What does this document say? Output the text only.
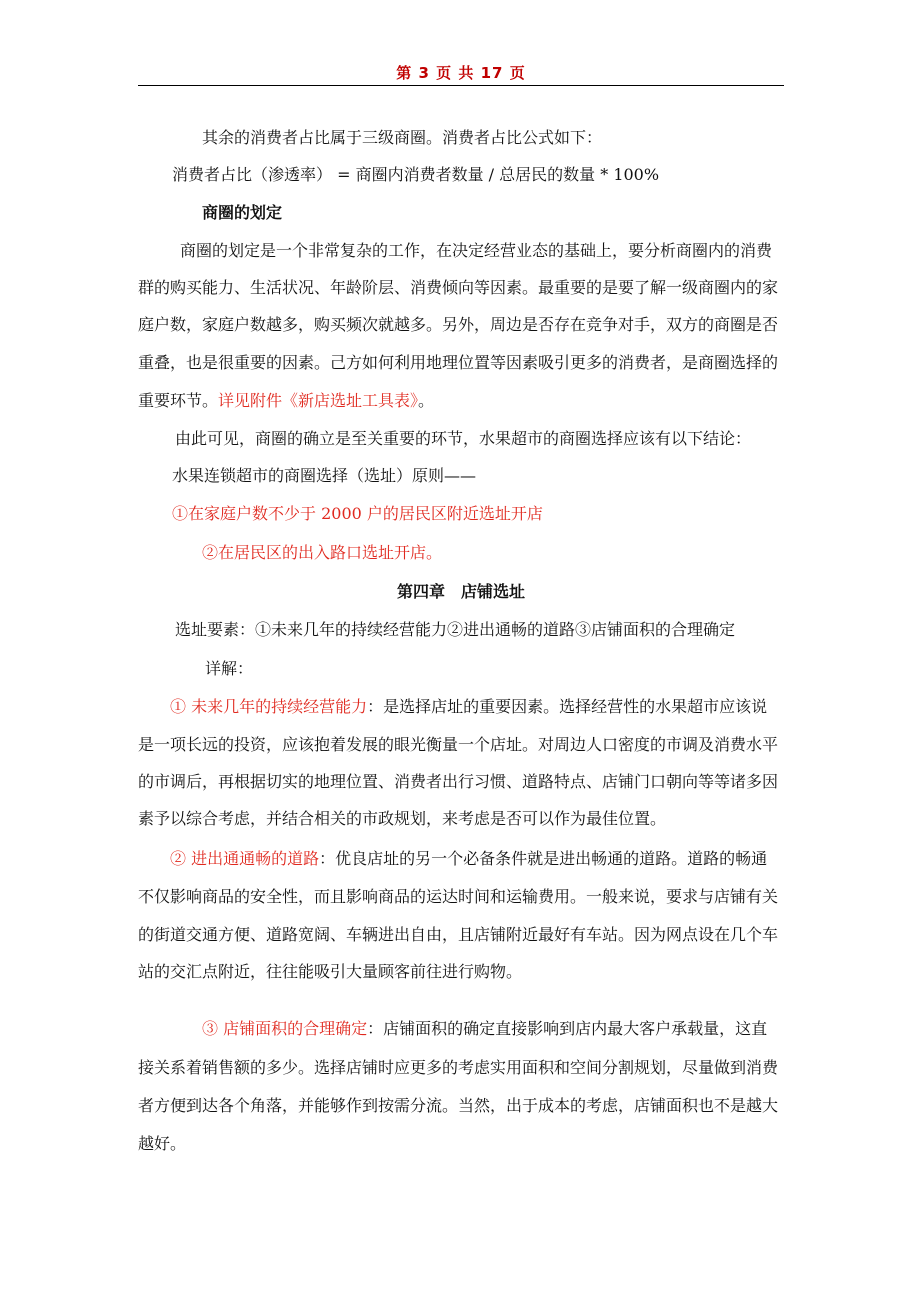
第 3 页 共 17 页
其余的消费者占比属于三级商圈。消费者占比公式如下：
消费者占比（渗透率） = 商圈内消费者数量 / 总居民的数量 * 100%
商圈的划定
商圈的划定是一个非常复杂的工作，在决定经营业态的基础上，要分析商圈内的消费
群的购买能力、生活状况、年龄阶层、消费倾向等因素。最重要的是要了解一级商圈内的家
庭户数，家庭户数越多，购买频次就越多。另外，周边是否存在竞争对手，双方的商圈是否
重叠，也是很重要的因素。己方如何利用地理位置等因素吸引更多的消费者，是商圈选择的
重要环节。详见附件《新店选址工具表》。
由此可见，商圈的确立是至关重要的环节，水果超市的商圈选择应该有以下结论：
水果连锁超市的商圈选择（选址）原则——
①在家庭户数不少于 2000 户的居民区附近选址开店
②在居民区的出入路口选址开店。
第四章　店铺选址
选址要素：①未来几年的持续经营能力②进出通畅的道路③店铺面积的合理确定
详解：
① 未来几年的持续经营能力：是选择店址的重要因素。选择经营性的水果超市应该说
是一项长远的投资，应该抱着发展的眼光衡量一个店址。对周边人口密度的市调及消费水平
的市调后，再根据切实的地理位置、消费者出行习惯、道路特点、店铺门口朝向等等诸多因
素予以综合考虑，并结合相关的市政规划，来考虑是否可以作为最佳位置。
② 进出通通畅的道路：优良店址的另一个必备条件就是进出畅通的道路。道路的畅通
不仅影响商品的安全性，而且影响商品的运达时间和运输费用。一般来说，要求与店铺有关
的街道交通方便、道路宽阔、车辆进出自由，且店铺附近最好有车站。因为网点设在几个车
站的交汇点附近，往往能吸引大量顾客前往进行购物。
③ 店铺面积的合理确定：店铺面积的确定直接影响到店内最大客户承载量，这直
接关系着销售额的多少。选择店铺时应更多的考虑实用面积和空间分割规划，尽量做到消费
者方便到达各个角落，并能够作到按需分流。当然，出于成本的考虑，店铺面积也不是越大
越好。
